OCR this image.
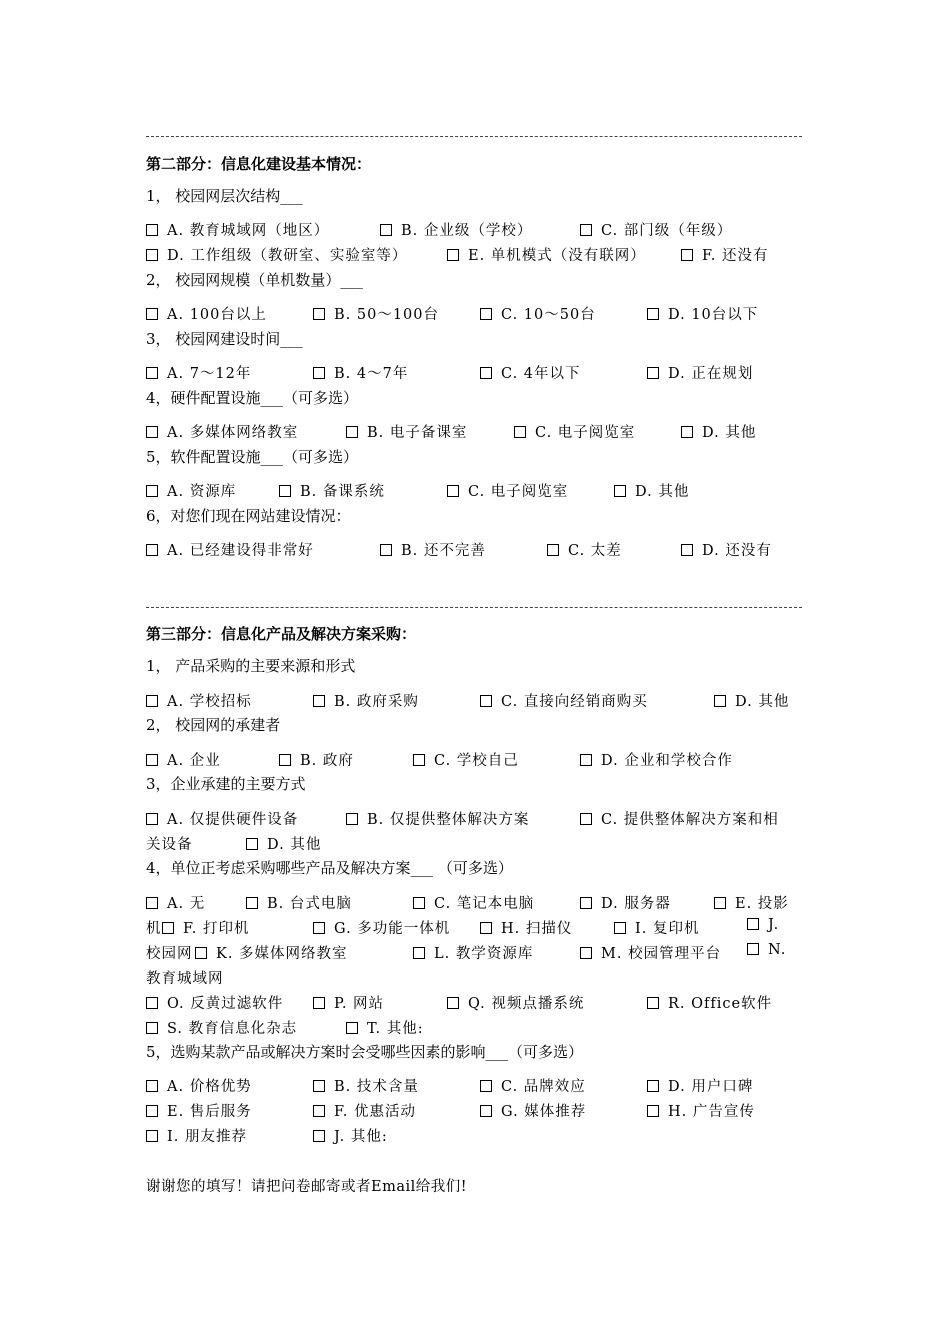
第二部分：信息化建设基本情况：
1， 校园网层次结构___
A. 教育城域网（地区）	B. 企业级（学校）	C. 部门级（年级）
D. 工作组级（教研室、实验室等）	E. 单机模式（没有联网）	F. 还没有
2， 校园网规模（单机数量）___
A. 100台以上	B. 50～100台	C. 10～50台	D. 10台以下
3， 校园网建设时间___
A. 7～12年	B. 4～7年	C. 4年以下	D. 正在规划
4，硬件配置设施___（可多选）
A. 多媒体网络教室	B. 电子备课室	C. 电子阅览室	D. 其他
5，软件配置设施___（可多选）
A. 资源库	B. 备课系统	C. 电子阅览室	D. 其他
6，对您们现在网站建设情况：
A. 已经建设得非常好	B. 还不完善	C. 太差	D. 还没有
第三部分：信息化产品及解决方案采购：
1， 产品采购的主要来源和形式
A. 学校招标	B. 政府采购	C. 直接向经销商购买	D. 其他
2， 校园网的承建者
A. 企业	B. 政府	C. 学校自己	D. 企业和学校合作
3，企业承建的主要方式
A. 仅提供硬件设备	B. 仅提供整体解决方案	C. 提供整体解决方案和相
关设备	D. 其他
4，单位正考虑采购哪些产品及解决方案___ （可多选）
A. 无	B. 台式电脑	C. 笔记本电脑	D. 服务器	E. 投影
机	F. 打印机	G. 多功能一体机	H. 扫描仪	I. 复印机	J.
校园网	K. 多媒体网络教室	L. 教学资源库	M. 校园管理平台	N.
教育城域网
O. 反黄过滤软件	P. 网站	Q. 视频点播系统	R. Office软件
S. 教育信息化杂志	T. 其他:
5，选购某款产品或解决方案时会受哪些因素的影响___（可多选）
A. 价格优势	B. 技术含量	C. 品牌效应	D. 用户口碑
E. 售后服务	F. 优惠活动	G. 媒体推荐	H. 广告宣传
I. 朋友推荐	J. 其他:
谢谢您的填写！请把问卷邮寄或者Email给我们!
